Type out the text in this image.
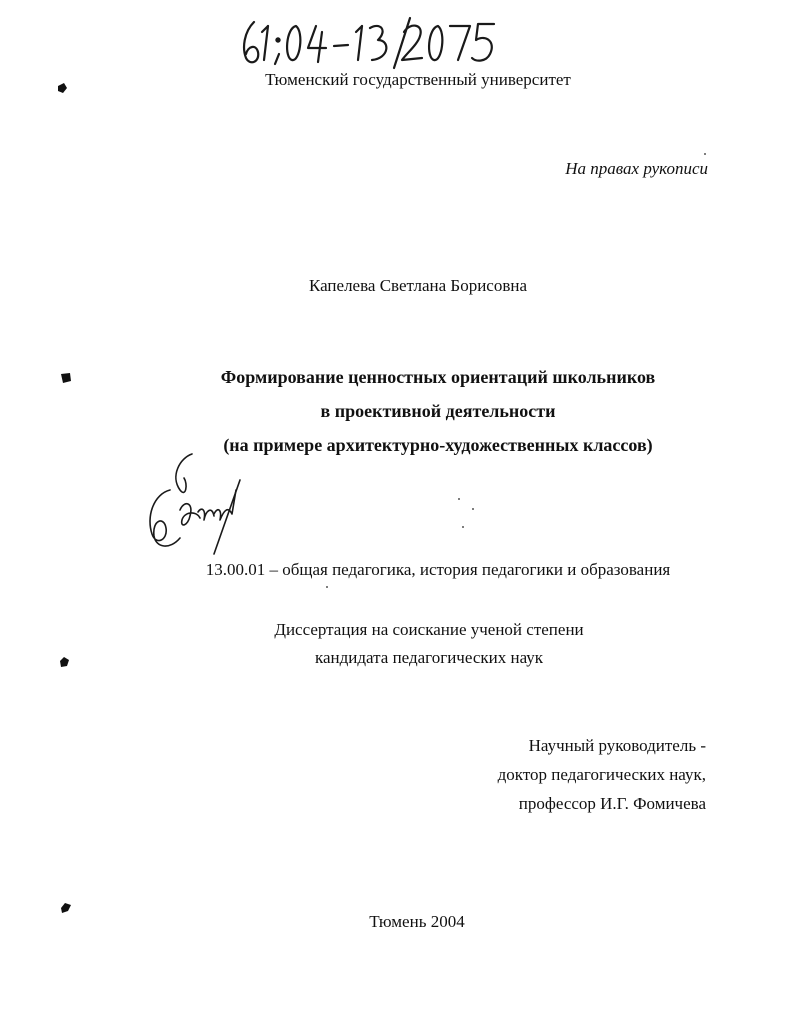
Тюменский государственный университет
На правах рукописи
Капелева Светлана Борисовна
Формирование ценностных ориентаций школьников
в проективной деятельности
(на примере архитектурно-художественных классов)
13.00.01 – общая педагогика, история педагогики и образования
Диссертация на соискание ученой степени
кандидата педагогических наук
Научный руководитель -
доктор педагогических наук,
профессор И.Г. Фомичева
Тюмень 2004
